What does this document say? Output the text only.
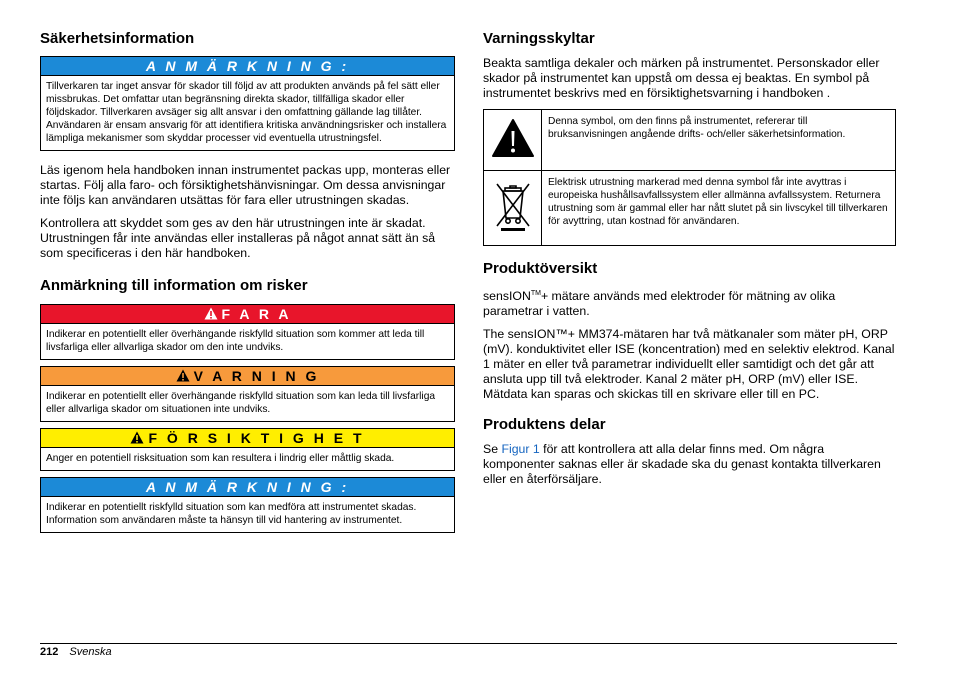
Säkerhetsinformation
A N M Ä R K N I N G :
Tillverkaren tar inget ansvar för skador till följd av att produkten används på fel sätt eller missbrukas. Det omfattar utan begränsning direkta skador, tillfälliga skador eller följdskador. Tillverkaren avsäger sig allt ansvar i den omfattning gällande lag tillåter. Användaren är ensam ansvarig för att identifiera kritiska användningsrisker och installera lämpliga mekanismer som skyddar processer vid eventuella utrustningsfel.

Läs igenom hela handboken innan instrumentet packas upp, monteras eller startas. Följ alla faro- och försiktighetshänvisningar. Om dessa anvisningar inte följs kan användaren utsättas för fara eller utrustningen skadas.

Kontrollera att skyddet som ges av den här utrustningen inte är skadat. Utrustningen får inte användas eller installeras på något annat sätt än så som specificeras i den här handboken.

Anmärkning till information om risker
F A R A
Indikerar en potentiellt eller överhängande riskfylld situation som kommer att leda till livsfarliga eller allvarliga skador om den inte undviks.
V A R N I N G
Indikerar en potentiellt eller överhängande riskfylld situation som kan leda till livsfarliga eller allvarliga skador om situationen inte undviks.
F Ö R S I K T I G H E T
Anger en potentiell risksituation som kan resultera i lindrig eller måttlig skada.
A N M Ä R K N I N G :
Indikerar en potentiellt riskfylld situation som kan medföra att instrumentet skadas. Information som användaren måste ta hänsyn till vid hantering av instrumentet.
Varningsskyltar

Beakta samtliga dekaler och märken på instrumentet. Personskador eller skador på instrumentet kan uppstå om dessa ej beaktas. En symbol på instrumentet beskrivs med en försiktighetsvarning i handboken .

	Denna symbol, om den finns på instrumentet, refererar till bruksanvisningen angående drifts- och/eller säkerhetsinformation.
	Elektrisk utrustning markerad med denna symbol får inte avyttras i europeiska hushållsavfallssystem eller allmänna avfallssystem. Returnera utrustning som är gammal eller har nått slutet på sin livscykel till tillverkaren för avyttring, utan kostnad för användaren.
Produktöversikt

sensION™+ mätare används med elektroder för mätning av olika parametrar i vatten.

The sensION™+ MM374-mätaren har två mätkanaler som mäter pH, ORP (mV). konduktivitet eller ISE (koncentration) med en selektiv elektrod. Kanal 1 mäter en eller två parametrar individuellt eller samtidigt och det går att ansluta upp till två elektroder. Kanal 2 mäter pH, ORP (mV) eller ISE. Mätdata kan sparas och skickas till en skrivare eller till en PC.

Produktens delar

Se Figur 1 för att kontrollera att alla delar finns med. Om några komponenter saknas eller är skadade ska du genast kontakta tillverkaren eller en återförsäljare.

212 Svenska
